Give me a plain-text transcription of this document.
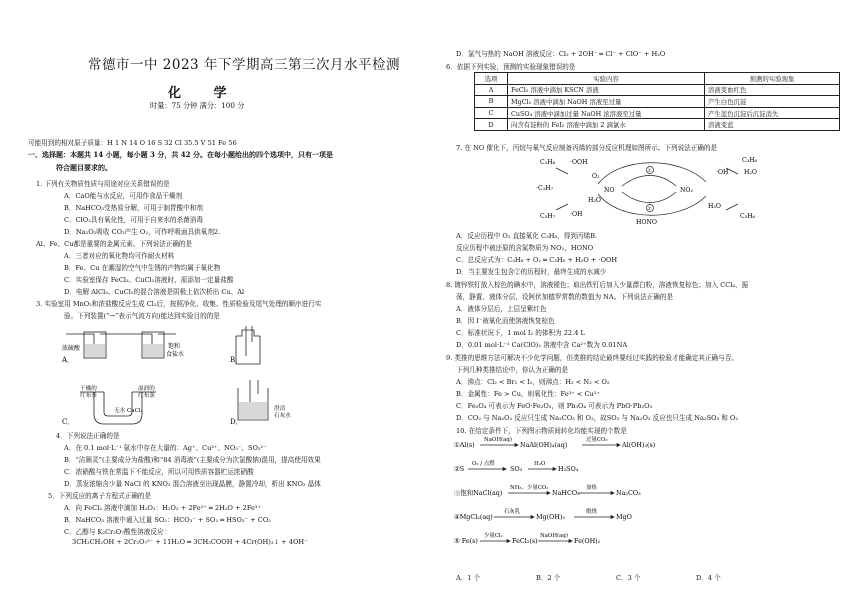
常德市一中 2023 年下学期高三第三次月水平检测
化 学
时量：75 分钟 满分：100 分
可能用到的相对原子质量：H 1 N 14 O 16 S 32 Cl 35.5 V 51 Fe 56
一、选择题：本题共 14 小题，每小题 3 分，共 42 分。在每小题给出的四个选项中，只有一项是
符合题目要求的。
1. 下列有关物质性质与用途对应关系错误的是
A．CaO能与水反应，可用作食品干燥剂
B．NaHCO₃受热易分解，可用于制胃酸中和剂
C．ClO₂具有氧化性，可用于自来水的杀菌消毒
D．Na₂O₂吸收 CO₂产生 O₂，可作呼吸面具供氧剂2.
Al、Fe、Cu都是重要的金属元素。下列说法正确的是
A．三者对应的氧化物均可作耐火材料
B．Fe、Cu 在潮湿的空气中生锈的产物均属于氧化物
C．实验室保存 FeCl₃、CuCl₂溶液时，需添加一定量盐酸
D．电解 AlCl₃、CuCl₂的混合溶液是阴极上依次析出 Cu、Al
3. 实验室用 MnO₂和浓盐酸反应生成 Cl₂后，按照净化、收集、性质检验及尾气处理的顺序进行实
验。下列装置(“→”表示气流方向)能达到实验目的的是
浓硫酸	饱和
食盐水
A．	B．
干燥的
红布条
湿润的
红布条
无水 CaCl₂
C．
澄清
石灰水
D．
4．下列说法正确的是
A．在 0.1 mol·L⁻¹ 氨水中存在大量的：Ag⁺、Cu²⁺、NO₃⁻、SO₃²⁻
B．“洁厕灵”(主要成分为盐酸)和“84 消毒液”(主要成分为次氯酸钠)混用，提高使用效果
C．浓硝酸与铁在常温下不能反应，所以可用铁质容器贮运浓硝酸
D．蒸发浓缩含少量 NaCl 的 KNO₃ 混合溶液至出现晶膜，静置冷却，析出 KNO₃ 晶体
5．下列反应的离子方程式正确的是
A．向 FeCl₂ 溶液中滴加 H₂O₂：H₂O₂ + 2Fe²⁺ ═ 2H₂O + 2Fe³⁺
B．NaHCO₃ 溶液中通入过量 SO₂：HCO₃⁻ + SO₂ ═ HSO₃⁻ + CO₂
C．乙醇与 K₂Cr₂O₇酸性溶液反应：
3CH₃CH₂OH + 2Cr₂O₇²⁻ + 11H₂O ═ 3CH₃COOH + 4Cr(OH)₃↓ + 4OH⁻
D．氯气与热的 NaOH 溶液反应：Cl₂ + 2OH⁻ ═ Cl⁻ + ClO⁻ + H₂O
6．依据下列实验，预测的实验现象错误的是
选项	实验内容	预测的实验现象
A	FeCl₂ 溶液中滴加 KSCN 溶液	溶液变血红色
B	MgCl₂ 溶液中滴加 NaOH 溶液至过量	产生白色沉淀
C	CuSO₄ 溶液中滴加过量 NaOH 浓溶液至过量	产生蓝色沉淀后沉淀消失
D	向含有淀粉的 FeI₂ 溶液中滴加 2 滴氯水	溶液变蓝
7. 在 NO 催化下，丙烷与氧气反应制备丙烯的部分反应机理如图所示。下列说法正确的是
C₃H₈ ·OOH
O₂
·C₃H₇
①
②
NO	NO₂
·OH	H₂O
C₃H₆
HONO
H₂O
C₃H₇ ·OH	C₃H₆
H₂O
A．反应历程中 O₂ 直接氧化 C₃H₈，得到丙烯B.
反应历程中被还原的含氮物质为 NO₂，HONO
C．总反应式为：C₃H₈ + O₂ ═ C₃H₆ + H₂O + ·OOH
D．当主要发生包含②的历程时，最终生成的水减少
8. 镀锌铁钉放入棕色的碘水中，溶液褪色；取出铁钉后加入少量漂白粉，溶液恢复棕色；加入 CCl₄，振
荡，静置，液体分层，设阿伏加德罗常数的数值为 NA。下列说法正确的是
A．液体分层后，上层呈紫红色
B．因 I⁻被氧化而使溶液恢复棕色
C．标准状况下，1 mol I₂ 的体积为 22.4 L
D．0.01 mol·L⁻¹ Ca(ClO)₂ 溶液中含 Ca²⁺数为 0.01NA
9. 类推的思维方法可解决不少化学问题，但类推的结论最终要经过实践的检验才能确定其正确与否。
下列几种类推结论中，你认为正确的是
A．沸点：Cl₂ < Br₂ < I₂，则沸点：H₂ < N₂ < O₂
B．金属性：Fe > Cu，则氧化性：Fe³⁺ < Cu²⁺
C．Fe₃O₄ 可表示为 FeO·Fe₂O₃，则 Pb₃O₄ 可表示为 PbO·Pb₂O₃
D．CO₂ 与 Na₂O₂ 反应只生成 Na₂CO₃ 和 O₂，故SO₂ 与 Na₂O₂ 反应也只生成 Na₂SO₃ 和 O₂
10. 在给定条件下，下列图示物质间转化均能实现的个数是
①Al(s)
NaOH(aq)
NaAl(OH)₄(aq)
过量CO₂
Al(OH)₃(s)
②S
O₂ / 点燃
SO₃
H₂O
H₂SO₄
③饱和NaCl(aq)
NH₃、少量CO₂
NaHCO₃
加热
Na₂CO₃
④MgCl₂(aq)
石灰乳
Mg(OH)₂
煅烧
MgO
⑤ Fe(s)
少量Cl₂
FeCl₂(s)
NaOH(aq)
Fe(OH)₂
A．1 个	B．2 个	C．3 个	D．4 个
